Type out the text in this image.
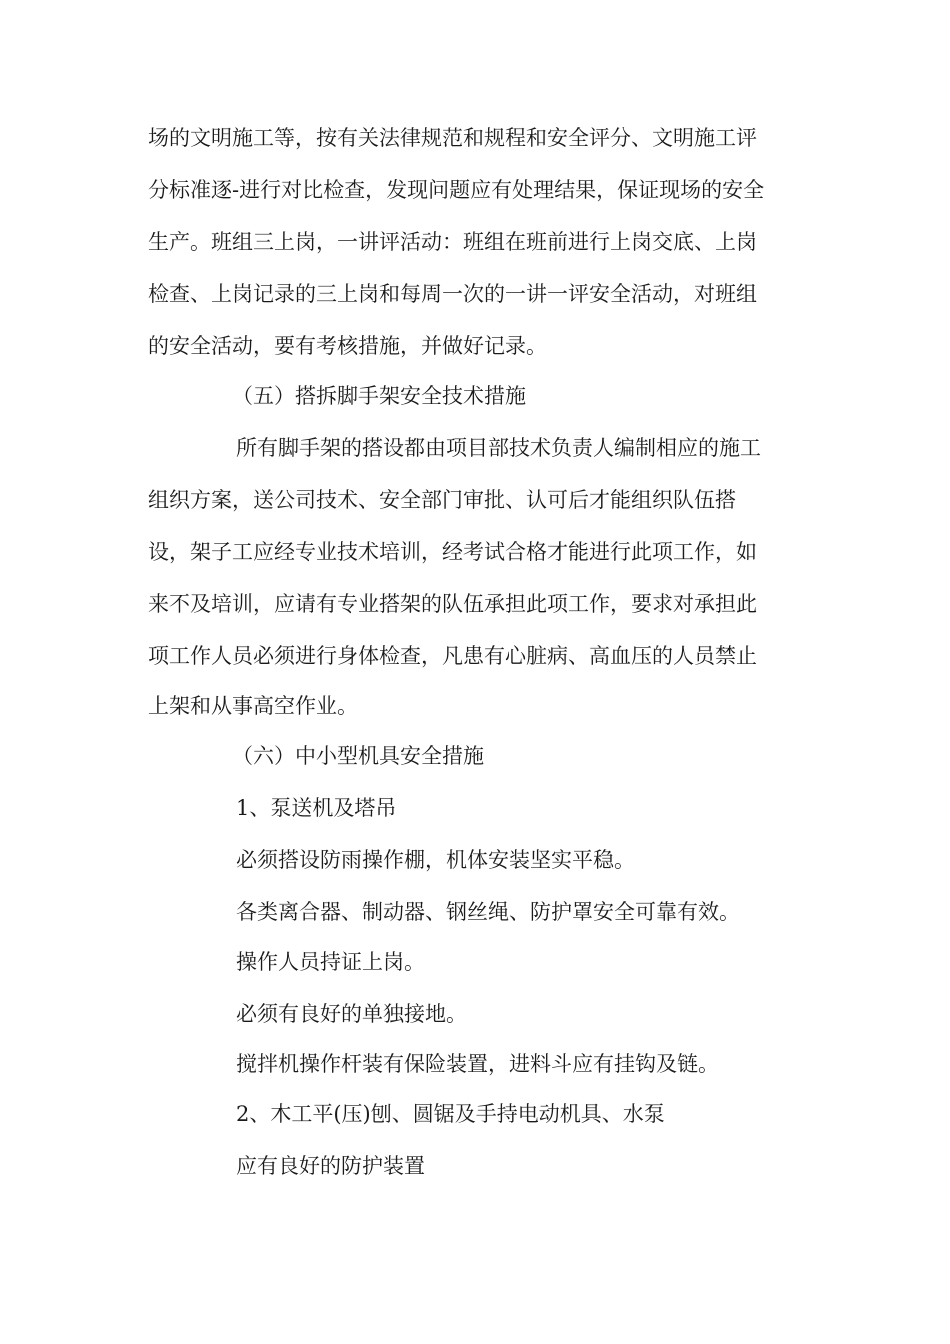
场的文明施工等，按有关法律规范和规程和安全评分、文明施工评
分标准逐-进行对比检查，发现问题应有处理结果，保证现场的安全
生产。班组三上岗，一讲评活动：班组在班前进行上岗交底、上岗
检查、上岗记录的三上岗和每周一次的一讲一评安全活动，对班组
的安全活动，要有考核措施，并做好记录。
（五）搭拆脚手架安全技术措施
所有脚手架的搭设都由项目部技术负责人编制相应的施工
组织方案，送公司技术、安全部门审批、认可后才能组织队伍搭
设，架子工应经专业技术培训，经考试合格才能进行此项工作，如
来不及培训，应请有专业搭架的队伍承担此项工作，要求对承担此
项工作人员必须进行身体检查，凡患有心脏病、高血压的人员禁止
上架和从事高空作业。
（六）中小型机具安全措施
1、泵送机及塔吊
必须搭设防雨操作棚，机体安装坚实平稳。
各类离合器、制动器、钢丝绳、防护罩安全可靠有效。
操作人员持证上岗。
必须有良好的单独接地。
搅拌机操作杆装有保险装置，进料斗应有挂钩及链。
2、木工平(压)刨、圆锯及手持电动机具、水泵
应有良好的防护装置
